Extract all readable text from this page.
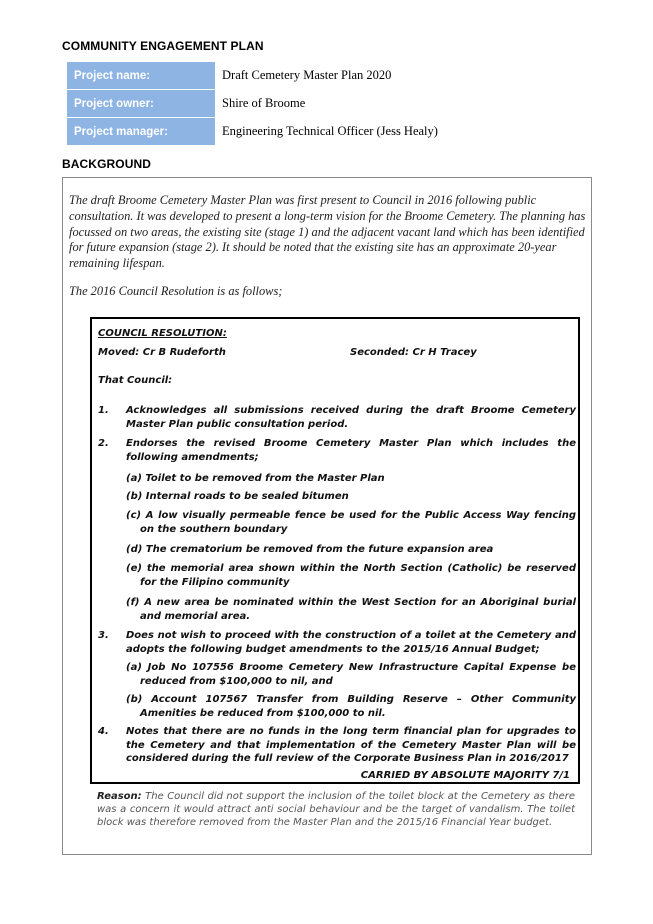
COMMUNITY ENGAGEMENT PLAN
Project name:	Draft Cemetery Master Plan 2020
Project owner:	Shire of Broome
Project manager:	Engineering Technical Officer (Jess Healy)
BACKGROUND

The draft Broome Cemetery Master Plan was first present to Council in 2016 following public consultation. It was developed to present a long-term vision for the Broome Cemetery. The planning has focussed on two areas, the existing site (stage 1) and the adjacent vacant land which has been identified for future expansion (stage 2). It should be noted that the existing site has an approximate 20-year remaining lifespan.

The 2016 Council Resolution is as follows;

COUNCIL RESOLUTION:

Moved: Cr B Rudeforth	Seconded: Cr H Tracey

That Council:

1. Acknowledges all submissions received during the draft Broome Cemetery Master Plan public consultation period.
2. Endorses the revised Broome Cemetery Master Plan which includes the following amendments;

(a) Toilet to be removed from the Master Plan

(b) Internal roads to be sealed bitumen

(c) A low visually permeable fence be used for the Public Access Way fencing on the southern boundary

(d) The crematorium be removed from the future expansion area

(e) the memorial area shown within the North Section (Catholic) be reserved for the Filipino community

(f) A new area be nominated within the West Section for an Aboriginal burial and memorial area.

3. Does not wish to proceed with the construction of a toilet at the Cemetery and adopts the following budget amendments to the 2015/16 Annual Budget;

(a) Job No 107556 Broome Cemetery New Infrastructure Capital Expense be reduced from $100,000 to nil, and

(b) Account 107567 Transfer from Building Reserve – Other Community Amenities be reduced from $100,000 to nil.

4. Notes that there are no funds in the long term financial plan for upgrades to the Cemetery and that implementation of the Cemetery Master Plan will be considered during the full review of the Corporate Business Plan in 2016/2017

CARRIED BY ABSOLUTE MAJORITY 7/1

Reason: The Council did not support the inclusion of the toilet block at the Cemetery as there was a concern it would attract anti social behaviour and be the target of vandalism. The toilet block was therefore removed from the Master Plan and the 2015/16 Financial Year budget.
